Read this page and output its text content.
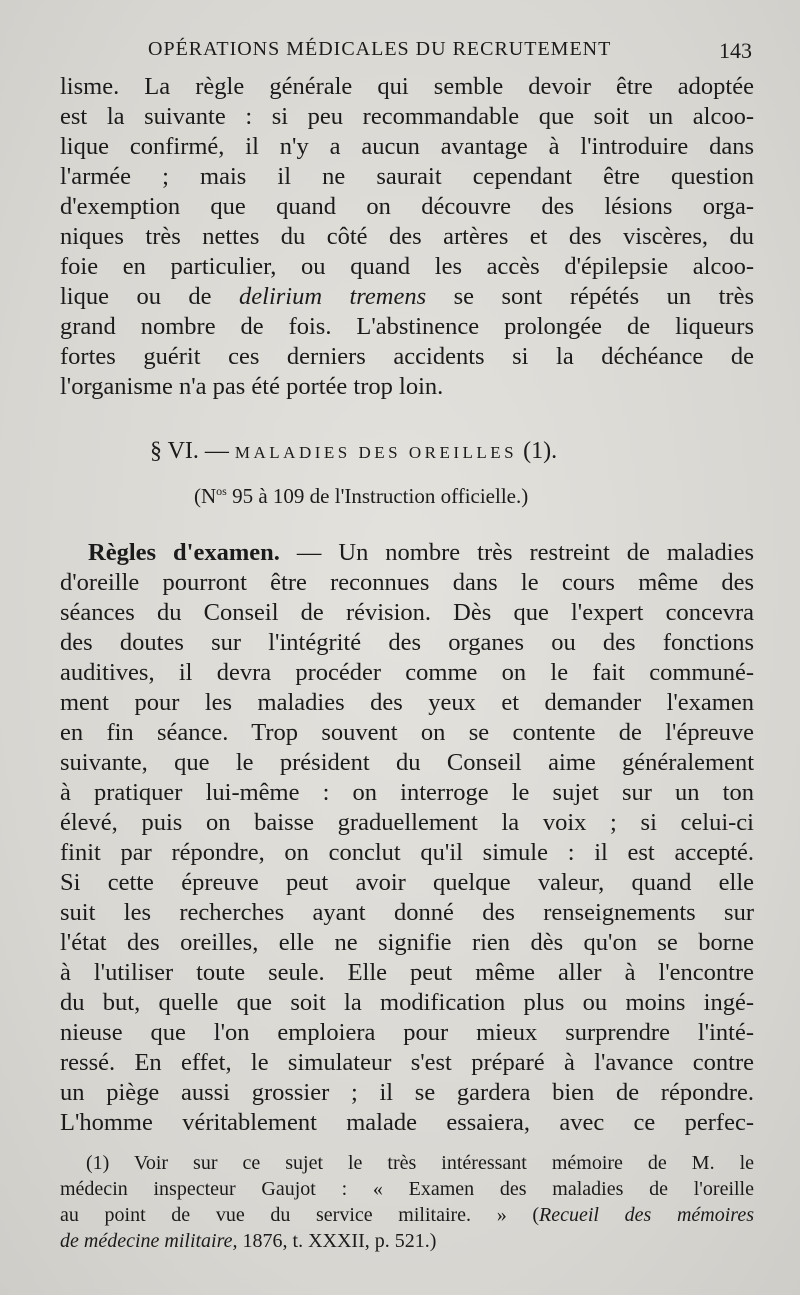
OPÉRATIONS MÉDICALES DU RECRUTEMENT	143
lisme. La règle générale qui semble devoir être adoptée
est la suivante : si peu recommandable que soit un alcoo-
lique confirmé, il n'y a aucun avantage à l'introduire dans
l'armée ; mais il ne saurait cependant être question
d'exemption que quand on découvre des lésions orga-
niques très nettes du côté des artères et des viscères, du
foie en particulier, ou quand les accès d'épilepsie alcoo-
lique ou de delirium tremens se sont répétés un très
grand nombre de fois. L'abstinence prolongée de liqueurs
fortes guérit ces derniers accidents si la déchéance de
l'organisme n'a pas été portée trop loin.
§ VI. — MALADIES DES OREILLES (1).
($N^{os}$ 95 à 109 de l'Instruction officielle.)
Règles d'examen. — Un nombre très restreint de maladies
d'oreille pourront être reconnues dans le cours même des
séances du Conseil de révision. Dès que l'expert concevra
des doutes sur l'intégrité des organes ou des fonctions
auditives, il devra procéder comme on le fait communé-
ment pour les maladies des yeux et demander l'examen
en fin séance. Trop souvent on se contente de l'épreuve
suivante, que le président du Conseil aime généralement
à pratiquer lui-même : on interroge le sujet sur un ton
élevé, puis on baisse graduellement la voix ; si celui-ci
finit par répondre, on conclut qu'il simule : il est accepté.
Si cette épreuve peut avoir quelque valeur, quand elle
suit les recherches ayant donné des renseignements sur
l'état des oreilles, elle ne signifie rien dès qu'on se borne
à l'utiliser toute seule. Elle peut même aller à l'encontre
du but, quelle que soit la modification plus ou moins ingé-
nieuse que l'on emploiera pour mieux surprendre l'inté-
ressé. En effet, le simulateur s'est préparé à l'avance contre
un piège aussi grossier ; il se gardera bien de répondre.
L'homme véritablement malade essaiera, avec ce perfec-
(1) Voir sur ce sujet le très intéressant mémoire de M. le
médecin inspecteur Gaujot : « Examen des maladies de l'oreille
au point de vue du service militaire. » (Recueil des mémoires
de médecine militaire, 1876, t. XXXII, p. 521.)
